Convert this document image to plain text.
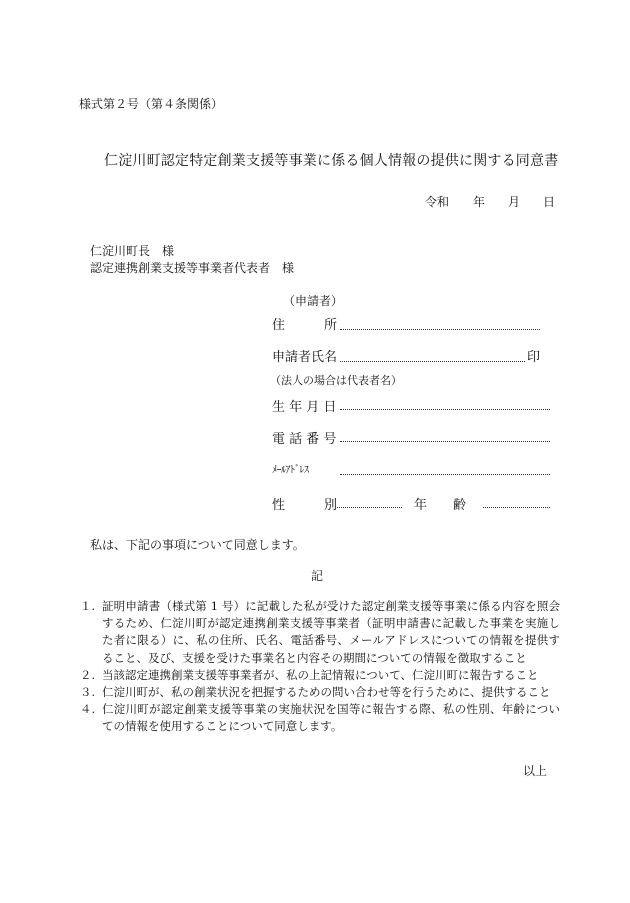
様式第２号（第４条関係）
仁淀川町認定特定創業支援等事業に係る個人情報の提供に関する同意書
令和 年 月 日
仁淀川町長　様
認定連携創業支援等事業者代表者　様
（申請者）
住　　　所
申請者氏名	印
（法人の場合は代表者名）
生 年 月 日
電 話 番 号
ﾒｰﾙｱﾄﾞﾚｽ
性　　　別	年　　齢
私は、下記の事項について同意します。
記
１. 証明申請書（様式第 1 号）に記載した私が受けた認定創業支援等事業に係る内容を照会するため、仁淀川町が認定連携創業支援等事業者（証明申請書に記載した事業を実施した者に限る）に、私の住所、氏名、電話番号、メールアドレスについての情報を提供すること、及び、支援を受けた事業名と内容その期間についての情報を徴取すること
２. 当該認定連携創業支援等事業者が、私の上記情報について、仁淀川町に報告すること
３. 仁淀川町が、私の創業状況を把握するための問い合わせ等を行うために、提供すること
４. 仁淀川町が認定創業支援等事業の実施状況を国等に報告する際、私の性別、年齢についての情報を使用することについて同意します。
以上
